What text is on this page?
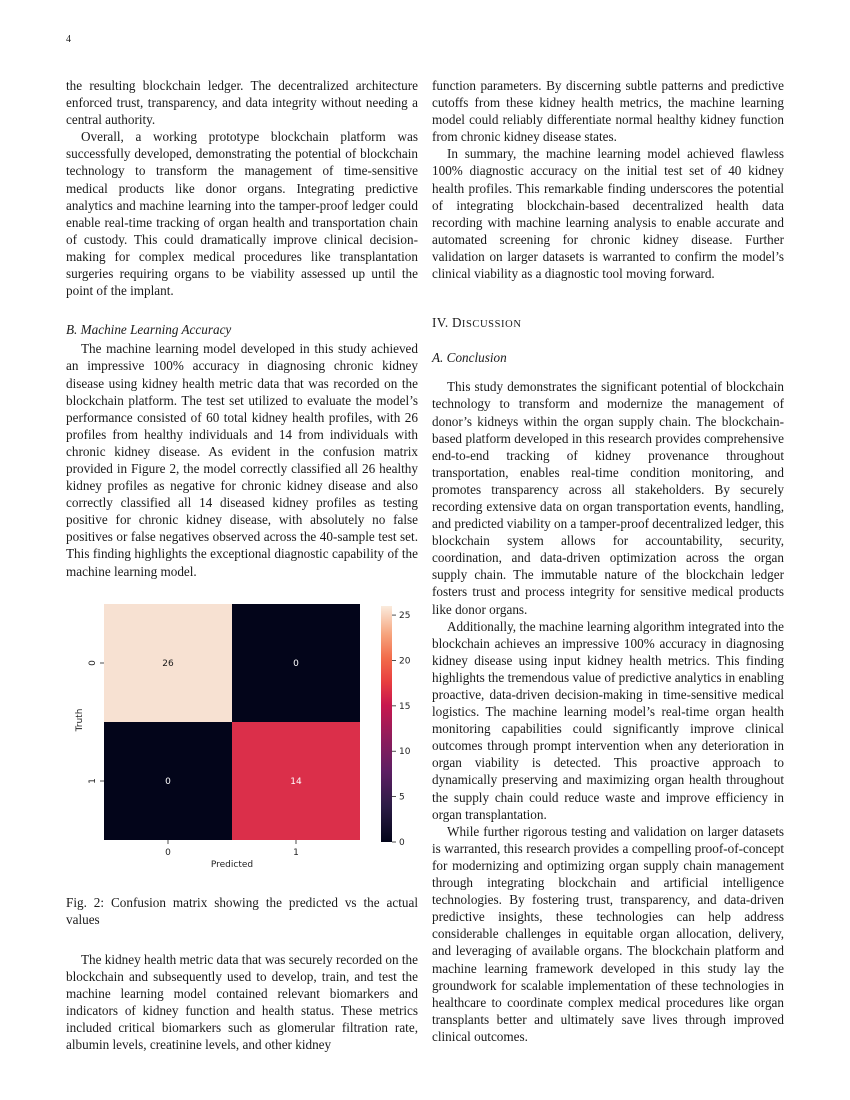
4

the resulting blockchain ledger. The decentralized architecture enforced trust, transparency, and data integrity without needing a central authority.

Overall, a working prototype blockchain platform was successfully developed, demonstrating the potential of blockchain technology to transform the management of time-sensitive medical products like donor organs. Integrating predictive analytics and machine learning into the tamper-proof ledger could enable real-time tracking of organ health and transportation chain of custody. This could dramatically improve clinical decision-making for complex medical procedures like transplantation surgeries requiring organs to be viability assessed up until the point of the implant.

B. Machine Learning Accuracy

The machine learning model developed in this study achieved an impressive 100% accuracy in diagnosing chronic kidney disease using kidney health metric data that was recorded on the blockchain platform. The test set utilized to evaluate the model’s performance consisted of 60 total kidney health profiles, with 26 profiles from healthy individuals and 14 from individuals with chronic kidney disease. As evident in the confusion matrix provided in Figure 2, the model correctly classified all 26 healthy kidney profiles as negative for chronic kidney disease and also correctly classified all 14 diseased kidney profiles as testing positive for chronic kidney disease, with absolutely no false positives or false negatives observed across the 40-sample test set. This finding highlights the exceptional diagnostic capability of the machine learning model.

26	0
0	14
0	1
0
1
Predicted
Truth
0
5
10
15
20
25

Fig. 2: Confusion matrix showing the predicted vs the actual values

The kidney health metric data that was securely recorded on the blockchain and subsequently used to develop, train, and test the machine learning model contained relevant biomarkers and indicators of kidney function and health status. These metrics included critical biomarkers such as glomerular filtration rate, albumin levels, creatinine levels, and other kidney

function parameters. By discerning subtle patterns and predictive cutoffs from these kidney health metrics, the machine learning model could reliably differentiate normal healthy kidney function from chronic kidney disease states.

In summary, the machine learning model achieved flawless 100% diagnostic accuracy on the initial test set of 40 kidney health profiles. This remarkable finding underscores the potential of integrating blockchain-based decentralized health data recording with machine learning analysis to enable accurate and automated screening for chronic kidney disease. Further validation on larger datasets is warranted to confirm the model’s clinical viability as a diagnostic tool moving forward.

IV. DISCUSSION

A. Conclusion

This study demonstrates the significant potential of blockchain technology to transform and modernize the management of donor’s kidneys within the organ supply chain. The blockchain-based platform developed in this research provides comprehensive end-to-end tracking of kidney provenance throughout transportation, enables real-time condition monitoring, and promotes transparency across all stakeholders. By securely recording extensive data on organ transportation events, handling, and predicted viability on a tamper-proof decentralized ledger, this blockchain system allows for accountability, security, coordination, and data-driven optimization across the organ supply chain. The immutable nature of the blockchain ledger fosters trust and process integrity for sensitive medical products like donor organs.

Additionally, the machine learning algorithm integrated into the blockchain achieves an impressive 100% accuracy in diagnosing kidney disease using input kidney health metrics. This finding highlights the tremendous value of predictive analytics in enabling proactive, data-driven decision-making in time-sensitive medical logistics. The machine learning model’s real-time organ health monitoring capabilities could significantly improve clinical outcomes through prompt intervention when any deterioration in organ viability is detected. This proactive approach to dynamically preserving and maximizing organ health throughout the supply chain could reduce waste and improve efficiency in organ transplantation.

While further rigorous testing and validation on larger datasets is warranted, this research provides a compelling proof-of-concept for modernizing and optimizing organ supply chain management through integrating blockchain and artificial intelligence technologies. By fostering trust, transparency, and data-driven predictive insights, these technologies can help address considerable challenges in equitable organ allocation, delivery, and leveraging of available organs. The blockchain platform and machine learning framework developed in this study lay the groundwork for scalable implementation of these technologies in healthcare to coordinate complex medical procedures like organ transplants better and ultimately save lives through improved clinical outcomes.
